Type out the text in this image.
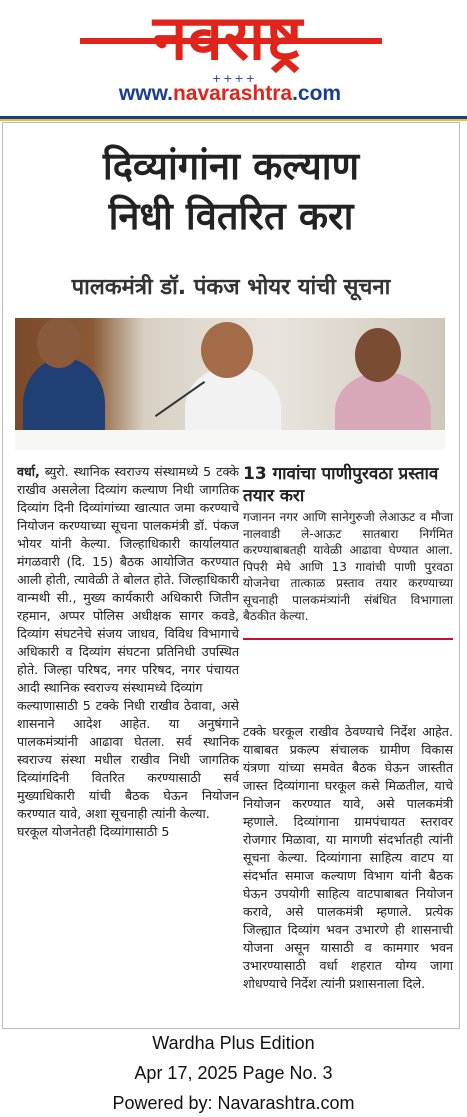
नवराष्ट्र
++++
www.navarashtra.com
दिव्यांगांना कल्याण
निधी वितरित करा
पालकमंत्री डॉ. पंकज भोयर यांची सूचना

वर्धा, ब्युरो. स्थानिक स्वराज्य संस्थामध्ये 5 टक्के राखीव असलेला दिव्यांग कल्याण निधी जागतिक दिव्यांग दिनी दिव्यांगांच्या खात्यात जमा करण्याचे नियोजन करण्याच्या सूचना पालकमंत्री डॉ. पंकज भोयर यांनी केल्या. जिल्हाधिकारी कार्यालयात मंगळवारी (दि. 15) बैठक आयोजित करण्यात आली होती, त्यावेळी ते बोलत होते. जिल्हाधिकारी वान्मथी सी., मुख्य कार्यकारी अधिकारी जितीन रहमान, अप्पर पोलिस अधीक्षक सागर कवडे, दिव्यांग संघटनेचे संजय जाधव, विविध विभागाचे अधिकारी व दिव्यांग संघटना प्रतिनिधी उपस्थित होते. जिल्हा परिषद, नगर परिषद, नगर पंचायत आदी स्थानिक स्वराज्य संस्थामध्ये दिव्यांग

कल्याणासाठी 5 टक्के निधी राखीव ठेवावा, असे शासनाने आदेश आहेत. या अनुषंगाने पालकमंत्र्यांनी आढावा घेतला. सर्व स्थानिक स्वराज्य संस्था मधील राखीव निधी जागतिक दिव्यांगदिनी वितरित करण्यासाठी सर्व मुख्याधिकारी यांची बैठक घेऊन नियोजन करण्यात यावे, अशा सूचनाही त्यांनी केल्या.

घरकूल योजनेतही दिव्यांगासाठी 5

13 गावांचा पाणीपुरवठा प्रस्ताव तयार करा
गजानन नगर आणि सानेगुरुजी लेआऊट व मौजा नालवाडी ले-आऊट सातबारा निर्गमित करण्याबाबतही यावेळी आढावा घेण्यात आला. पिपरी मेघे आणि 13 गावांची पाणी पुरवठा योजनेचा तात्काळ प्रस्ताव तयार करण्याच्या सूचनाही पालकमंत्र्यांनी संबंधित विभागाला बैठकीत केल्या.

टक्के घरकूल राखीव ठेवण्याचे निर्देश आहेत. याबाबत प्रकल्प संचालक ग्रामीण विकास यंत्रणा यांच्या समवेत बैठक घेऊन जास्तीत जास्त दिव्यांगाना घरकूल कसे मिळतील, याचे नियोजन करण्यात यावे, असे पालकमंत्री म्हणाले. दिव्यांगाना ग्रामपंचायत स्तरावर रोजगार मिळावा, या मागणी संदर्भातही त्यांनी सूचना केल्या. दिव्यांगाना साहित्य वाटप या संदर्भात समाज कल्याण विभाग यांनी बैठक घेऊन उपयोगी साहित्य वाटपाबाबत नियोजन करावे, असे पालकमंत्री म्हणाले. प्रत्येक जिल्ह्यात दिव्यांग भवन उभारणे ही शासनाची योजना असून यासाठी व कामगार भवन उभारण्यासाठी वर्धा शहरात योग्य जागा शोधण्याचे निर्देश त्यांनी प्रशासनाला दिले.

Wardha Plus Edition
Apr 17, 2025 Page No. 3
Powered by: Navarashtra.com
